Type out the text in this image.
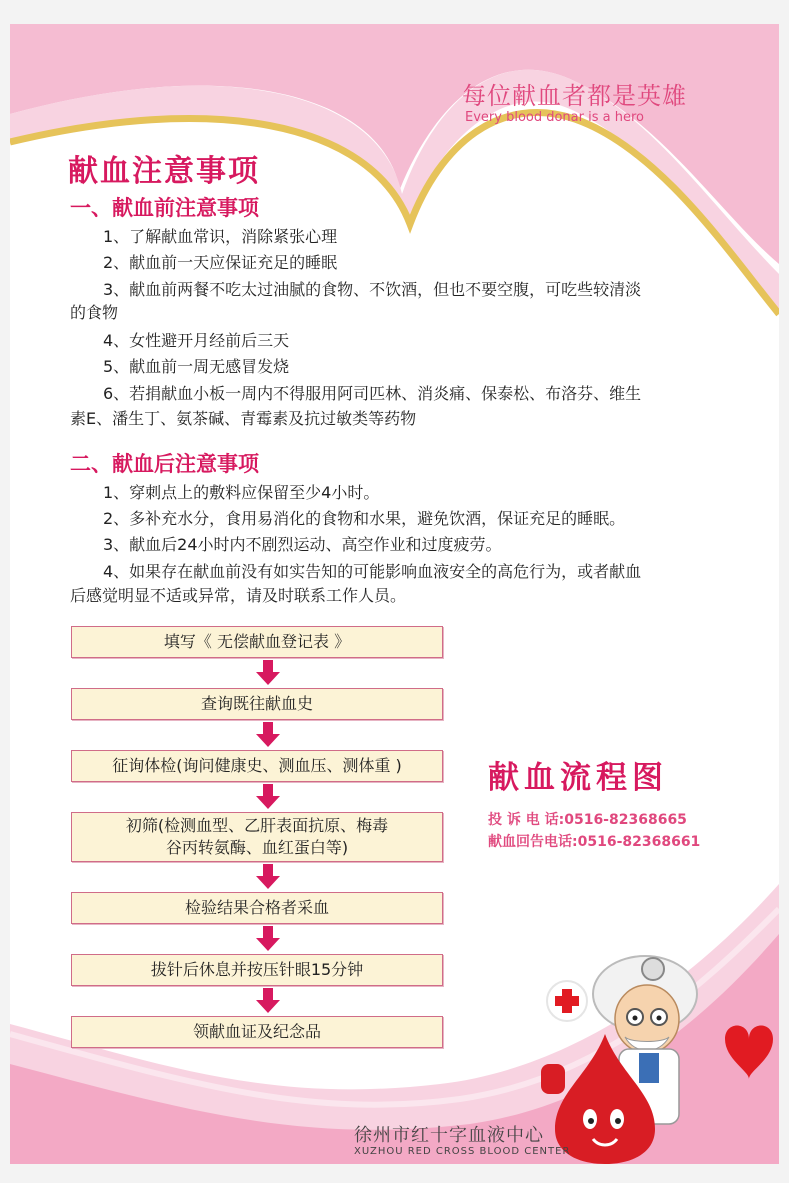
每位献血者都是英雄
Every blood donar is a hero
献血注意事项
一、献血前注意事项
1、了解献血常识，消除紧张心理
2、献血前一天应保证充足的睡眠
3、献血前两餐不吃太过油腻的食物、不饮酒，但也不要空腹，可吃些较清淡
的食物
4、女性避开月经前后三天
5、献血前一周无感冒发烧
6、若捐献血小板一周内不得服用阿司匹林、消炎痛、保泰松、布洛芬、维生
素E、潘生丁、氨茶碱、青霉素及抗过敏类等药物
二、献血后注意事项
1、穿刺点上的敷料应保留至少4小时。
2、多补充水分，食用易消化的食物和水果，避免饮酒，保证充足的睡眠。
3、献血后24小时内不剧烈运动、高空作业和过度疲劳。
4、如果存在献血前没有如实告知的可能影响血液安全的高危行为，或者献血
后感觉明显不适或异常，请及时联系工作人员。
填写《 无偿献血登记表 》
查询既往献血史
征询体检(询问健康史、测血压、测体重 )
初筛(检测血型、乙肝表面抗原、梅毒
谷丙转氨酶、血红蛋白等)
检验结果合格者采血
拔针后休息并按压针眼15分钟
领献血证及纪念品
献血流程图
投 诉 电 话:0516-82368665
献血回告电话:0516-82368661
徐州市红十字血液中心
XUZHOU RED CROSS BLOOD CENTER
